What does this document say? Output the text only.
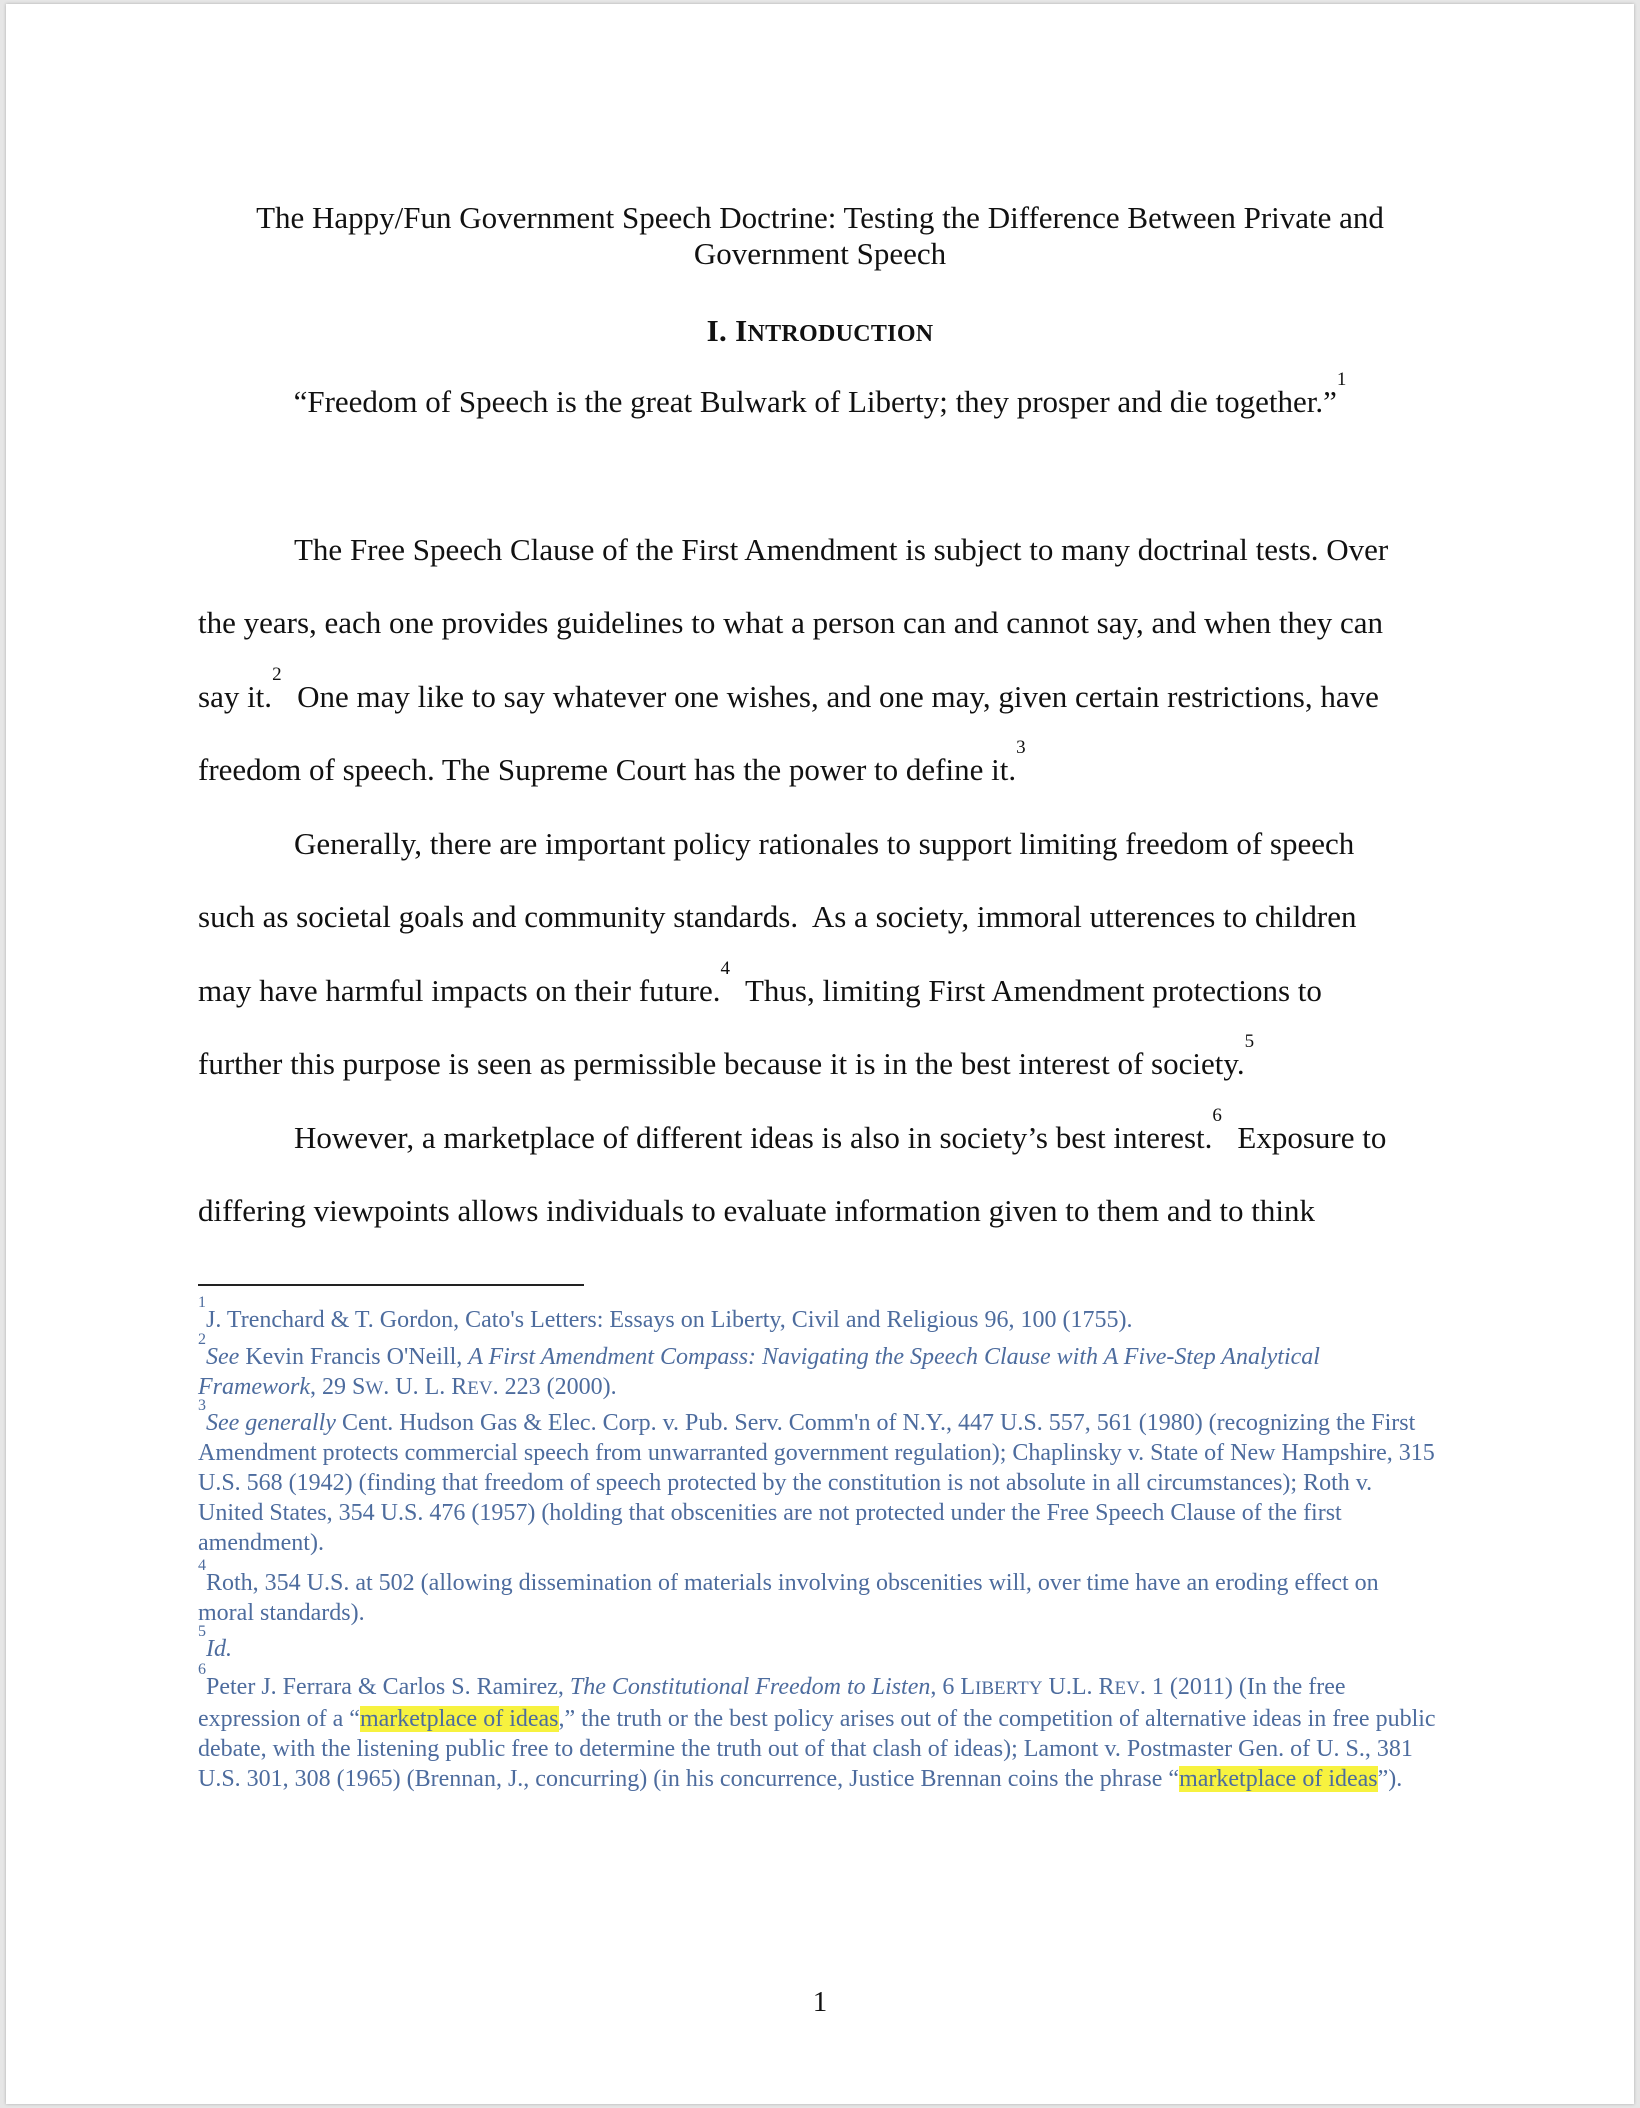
The Happy/Fun Government Speech Doctrine: Testing the Difference Between Private and
Government Speech
I. INTRODUCTION
“Freedom of Speech is the great Bulwark of Liberty; they prosper and die together.”$^1$
The Free Speech Clause of the First Amendment is subject to many doctrinal tests. Over
the years, each one provides guidelines to what a person can and cannot say, and when they can
say it.$^2$  One may like to say whatever one wishes, and one may, given certain restrictions, have
freedom of speech. The Supreme Court has the power to define it.$^3$
Generally, there are important policy rationales to support limiting freedom of speech
such as societal goals and community standards.  As a society, immoral utterences to children
may have harmful impacts on their future.$^4$  Thus, limiting First Amendment protections to
further this purpose is seen as permissible because it is in the best interest of society.$^5$
However, a marketplace of different ideas is also in society’s best interest.$^6$  Exposure to
differing viewpoints allows individuals to evaluate information given to them and to think
$^1$J. Trenchard & T. Gordon, Cato's Letters: Essays on Liberty, Civil and Religious 96, 100 (1755).
$^2$See Kevin Francis O'Neill, A First Amendment Compass: Navigating the Speech Clause with A Five-Step Analytical Framework, 29 SW. U. L. REV. 223 (2000).
$^3$See generally Cent. Hudson Gas & Elec. Corp. v. Pub. Serv. Comm'n of N.Y., 447 U.S. 557, 561 (1980) (recognizing the First Amendment protects commercial speech from unwarranted government regulation); Chaplinsky v. State of New Hampshire, 315 U.S. 568 (1942) (finding that freedom of speech protected by the constitution is not absolute in all circumstances); Roth v. United States, 354 U.S. 476 (1957) (holding that obscenities are not protected under the Free Speech Clause of the first amendment).
$^4$Roth, 354 U.S. at 502 (allowing dissemination of materials involving obscenities will, over time have an eroding effect on moral standards).
$^5$Id.
$^6$Peter J. Ferrara & Carlos S. Ramirez, The Constitutional Freedom to Listen, 6 LIBERTY U.L. REV. 1 (2011) (In the free expression of a “marketplace of ideas,” the truth or the best policy arises out of the competition of alternative ideas in free public debate, with the listening public free to determine the truth out of that clash of ideas); Lamont v. Postmaster Gen. of U. S., 381 U.S. 301, 308 (1965) (Brennan, J., concurring) (in his concurrence, Justice Brennan coins the phrase “marketplace of ideas”).
1
